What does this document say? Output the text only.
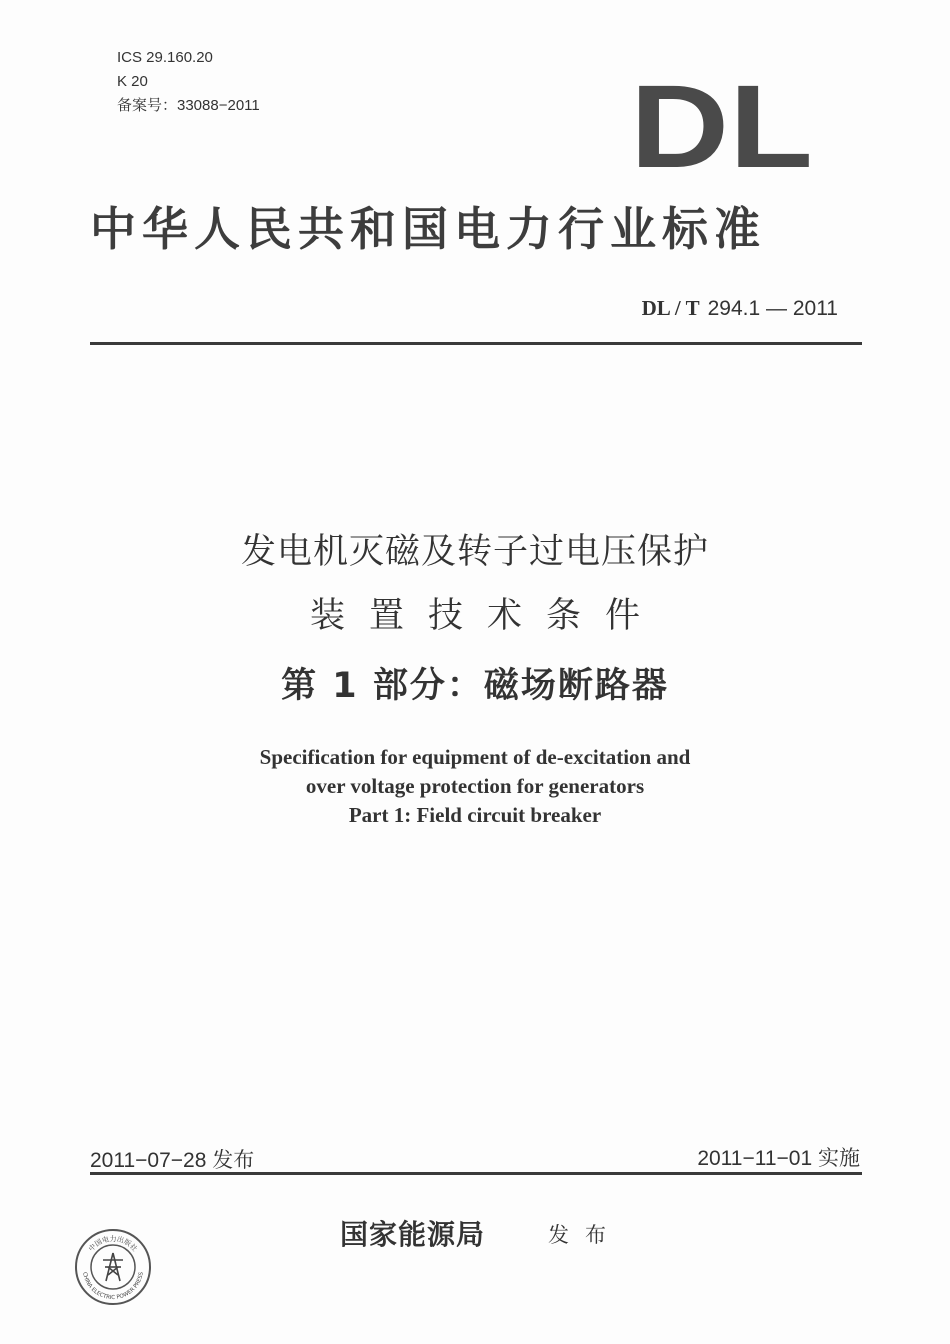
ICS 29.160.20
K 20
备案号：33088−2011	DL
中华人民共和国电力行业标准
DL / T 294.1 — 2011
发电机灭磁及转子过电压保护
装置技术条件
第 1 部分：磁场断路器
Specification for equipment of de-excitation and
over voltage protection for generators
Part 1: Field circuit breaker
2011−07−28 发布	2011−11−01 实施
国家能源局	发布
中国电力出版社
CHINA ELECTRIC POWER PRESS
